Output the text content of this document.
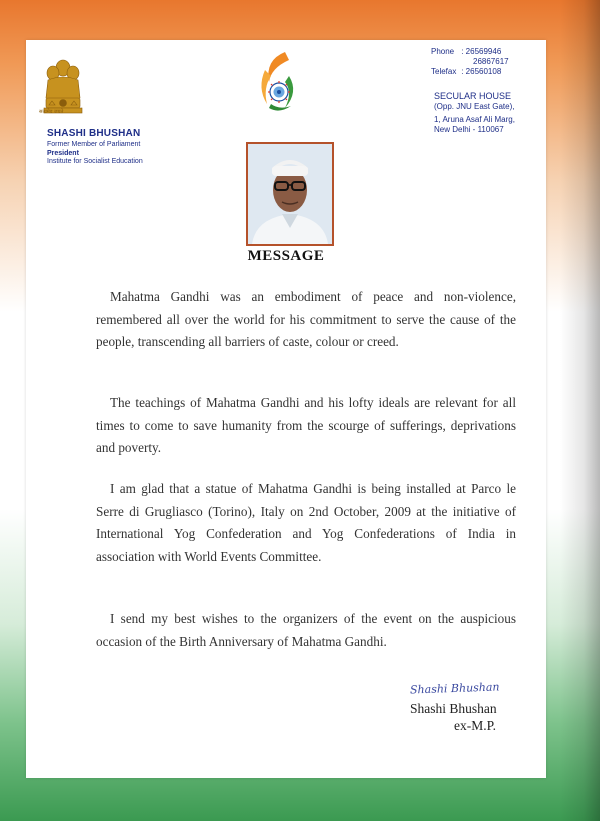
सत्यमेव जयते
SHASHI BHUSHAN
Former Member of Parliament
President
Institute for Socialist Education
Phone : 26569946
26867617
Telefax : 26560108
SECULAR HOUSE
(Opp. JNU East Gate),
1, Aruna Asaf Ali Marg,
New Delhi - 110067
MESSAGE
Mahatma Gandhi was an embodiment of peace and non-violence, remembered all over the world for his commitment to serve the cause of the people, transcending all barriers of caste, colour or creed.
The teachings of Mahatma Gandhi and his lofty ideals are relevant for all times to come to save humanity from the scourge of sufferings, deprivations and poverty.
I am glad that a statue of Mahatma Gandhi is being installed at Parco le Serre di Grugliasco (Torino), Italy on 2nd October, 2009 at the initiative of International Yog Confederation and Yog Confederations of India in association with World Events Committee.
I send my best wishes to the organizers of the event on the auspicious occasion of the Birth Anniversary of Mahatma Gandhi.
Shashi Bhushan
Shashi Bhushan
ex-M.P.
